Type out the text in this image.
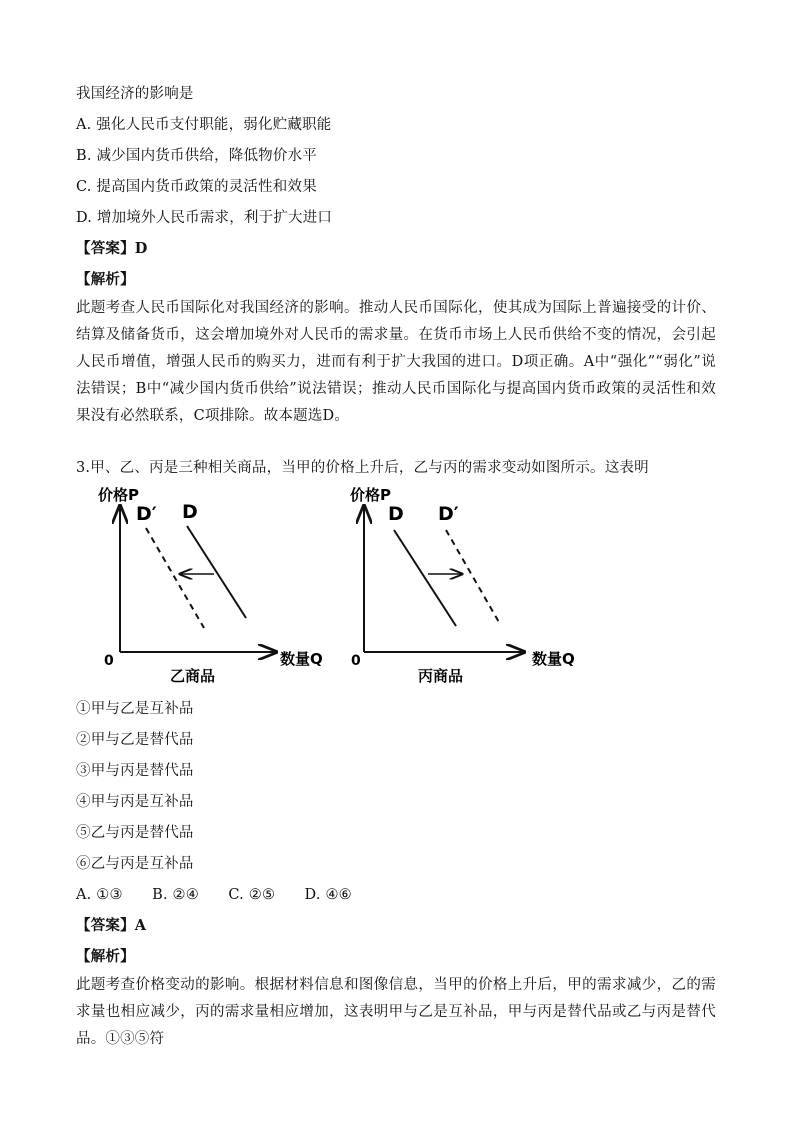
我国经济的影响是
A. 强化人民币支付职能，弱化贮藏职能
B. 减少国内货币供给，降低物价水平
C. 提高国内货币政策的灵活性和效果
D. 增加境外人民币需求，利于扩大进口
【答案】D
【解析】
此题考查人民币国际化对我国经济的影响。推动人民币国际化，使其成为国际上普遍接受的计价、结算及储备货币，这会增加境外对人民币的需求量。在货币市场上人民币供给不变的情况，会引起人民币增值，增强人民币的购买力，进而有利于扩大我国的进口。D项正确。A中“强化”“弱化”说法错误；B中“减少国内货币供给”说法错误；推动人民币国际化与提高国内货币政策的灵活性和效果没有必然联系，C项排除。故本题选D。
3.甲、乙、丙是三种相关商品，当甲的价格上升后，乙与丙的需求变动如图所示。这表明
价格P
数量Q
0
乙商品
D′ D
价格P
数量Q
0
丙商品
D D′
①甲与乙是互补品
②甲与乙是替代品
③甲与丙是替代品
④甲与丙是互补品
⑤乙与丙是替代品
⑥乙与丙是互补品
A. ①③　　B. ②④　　C. ②⑤　　D. ④⑥
【答案】A
【解析】
此题考查价格变动的影响。根据材料信息和图像信息，当甲的价格上升后，甲的需求减少，乙的需求量也相应减少，丙的需求量相应增加，这表明甲与乙是互补品，甲与丙是替代品或乙与丙是替代品。①③⑤符
